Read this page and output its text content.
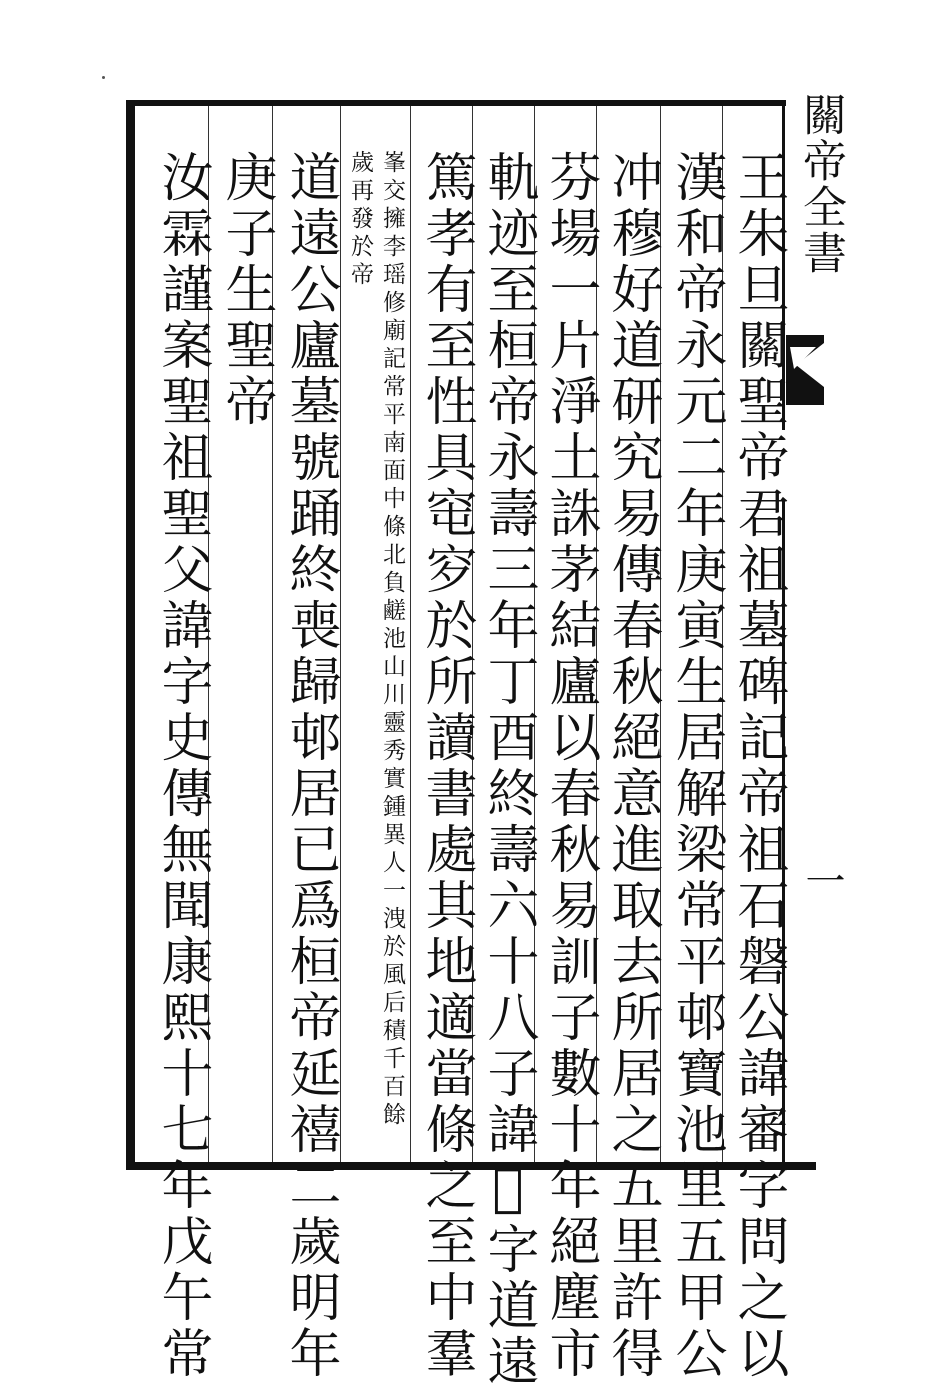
關帝全書
一
王朱旦關聖帝君祖墓碑記帝祖石磐公諱審字問之以
漢和帝永元二年庚寅生居解梁常平邨寶池里五甲公
冲穆好道研究易傳春秋絕意進取去所居之五里許得
芬場一片淨土誅茅結廬以春秋易訓子數十年絕塵市
軌迹至桓帝永壽三年丁酉終壽六十八子諱𣪺字道遠
篤孝有至性具窀穸於所讀書處其地適當條之至中羣
峯交擁李瑶修廟記常平南面中條北負鹺池山川靈秀實鍾異人一洩於風后積千百餘歲再發於帝
道遠公廬墓號踊終喪歸邨居已爲桓帝延禧二歲明年
庚子生聖帝
汝霖謹案聖祖聖父諱字史傳無聞康熙十七年戊午常
